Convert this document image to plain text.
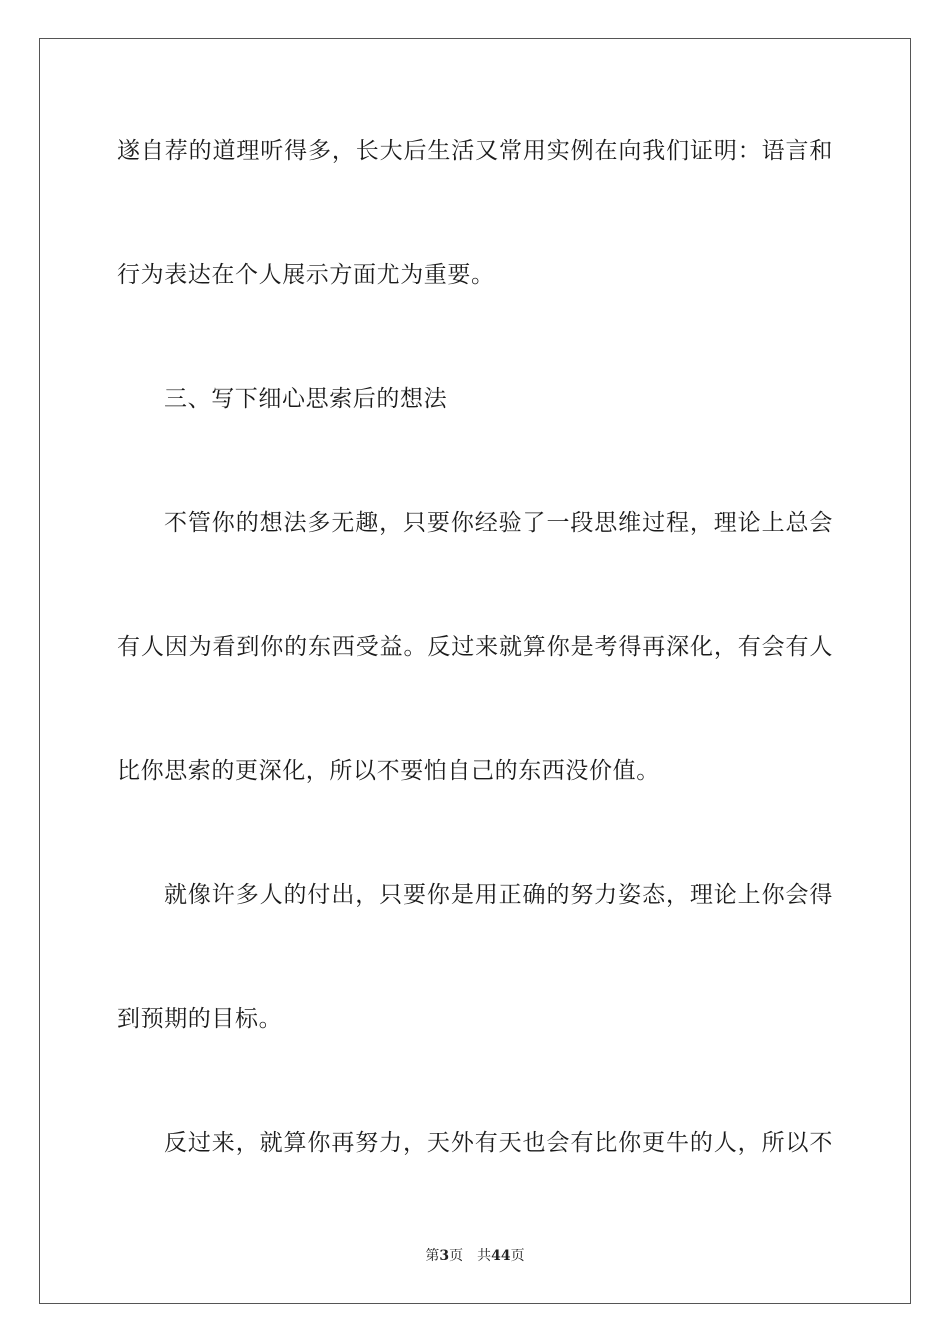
遂自荐的道理听得多，长大后生活又常用实例在向我们证明：语言和
行为表达在个人展示方面尤为重要。
三、写下细心思索后的想法
不管你的想法多无趣，只要你经验了一段思维过程，理论上总会
有人因为看到你的东西受益。反过来就算你是考得再深化，有会有人
比你思索的更深化，所以不要怕自己的东西没价值。
就像许多人的付出，只要你是用正确的努力姿态，理论上你会得
到预期的目标。
反过来，就算你再努力，天外有天也会有比你更牛的人，所以不
第3页 共44页
